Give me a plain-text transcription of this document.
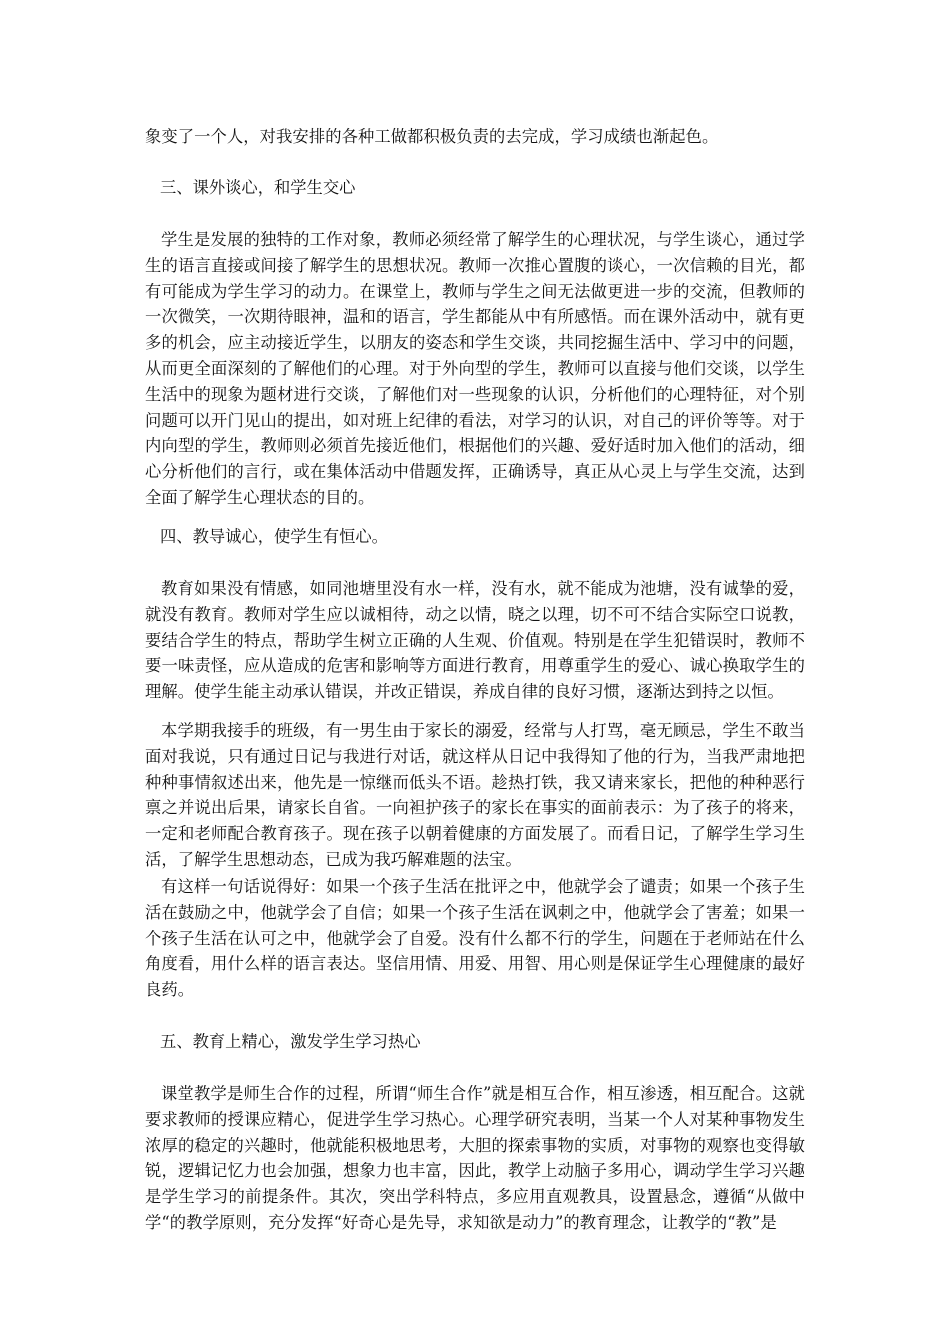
象变了一个人，对我安排的各种工做都积极负责的去完成，学习成绩也渐起色。

三、课外谈心，和学生交心

学生是发展的独特的工作对象，教师必须经常了解学生的心理状况，与学生谈心，通过学生的语言直接或间接了解学生的思想状况。教师一次推心置腹的谈心，一次信赖的目光，都有可能成为学生学习的动力。在课堂上，教师与学生之间无法做更进一步的交流，但教师的一次微笑，一次期待眼神，温和的语言，学生都能从中有所感悟。而在课外活动中，就有更多的机会，应主动接近学生，以朋友的姿态和学生交谈，共同挖掘生活中、学习中的问题，从而更全面深刻的了解他们的心理。对于外向型的学生，教师可以直接与他们交谈，以学生生活中的现象为题材进行交谈，了解他们对一些现象的认识，分析他们的心理特征，对个别问题可以开门见山的提出，如对班上纪律的看法，对学习的认识，对自己的评价等等。对于内向型的学生，教师则必须首先接近他们，根据他们的兴趣、爱好适时加入他们的活动，细心分析他们的言行，或在集体活动中借题发挥，正确诱导，真正从心灵上与学生交流，达到全面了解学生心理状态的目的。

四、教导诚心，使学生有恒心。

教育如果没有情感，如同池塘里没有水一样，没有水，就不能成为池塘，没有诚挚的爱，就没有教育。教师对学生应以诚相待，动之以情，晓之以理，切不可不结合实际空口说教，要结合学生的特点，帮助学生树立正确的人生观、价值观。特别是在学生犯错误时，教师不要一味责怪，应从造成的危害和影响等方面进行教育，用尊重学生的爱心、诚心换取学生的理解。使学生能主动承认错误，并改正错误，养成自律的良好习惯，逐渐达到持之以恒。

本学期我接手的班级，有一男生由于家长的溺爱，经常与人打骂，毫无顾忌，学生不敢当面对我说，只有通过日记与我进行对话，就这样从日记中我得知了他的行为，当我严肃地把种种事情叙述出来，他先是一惊继而低头不语。趁热打铁，我又请来家长，把他的种种恶行禀之并说出后果，请家长自省。一向袒护孩子的家长在事实的面前表示：为了孩子的将来，一定和老师配合教育孩子。现在孩子以朝着健康的方面发展了。而看日记，了解学生学习生活，了解学生思想动态，已成为我巧解难题的法宝。

有这样一句话说得好：如果一个孩子生活在批评之中，他就学会了谴责；如果一个孩子生活在鼓励之中，他就学会了自信；如果一个孩子生活在讽刺之中，他就学会了害羞；如果一个孩子生活在认可之中，他就学会了自爱。没有什么都不行的学生，问题在于老师站在什么角度看，用什么样的语言表达。坚信用情、用爱、用智、用心则是保证学生心理健康的最好良药。

五、教育上精心，激发学生学习热心

课堂教学是师生合作的过程，所谓“师生合作”就是相互合作，相互渗透，相互配合。这就要求教师的授课应精心，促进学生学习热心。心理学研究表明，当某一个人对某种事物发生浓厚的稳定的兴趣时，他就能积极地思考，大胆的探索事物的实质，对事物的观察也变得敏锐，逻辑记忆力也会加强，想象力也丰富，因此，教学上动脑子多用心，调动学生学习兴趣是学生学习的前提条件。其次，突出学科特点，多应用直观教具，设置悬念，遵循“从做中学“的教学原则，充分发挥“好奇心是先导，求知欲是动力”的教育理念，让教学的“教”是
